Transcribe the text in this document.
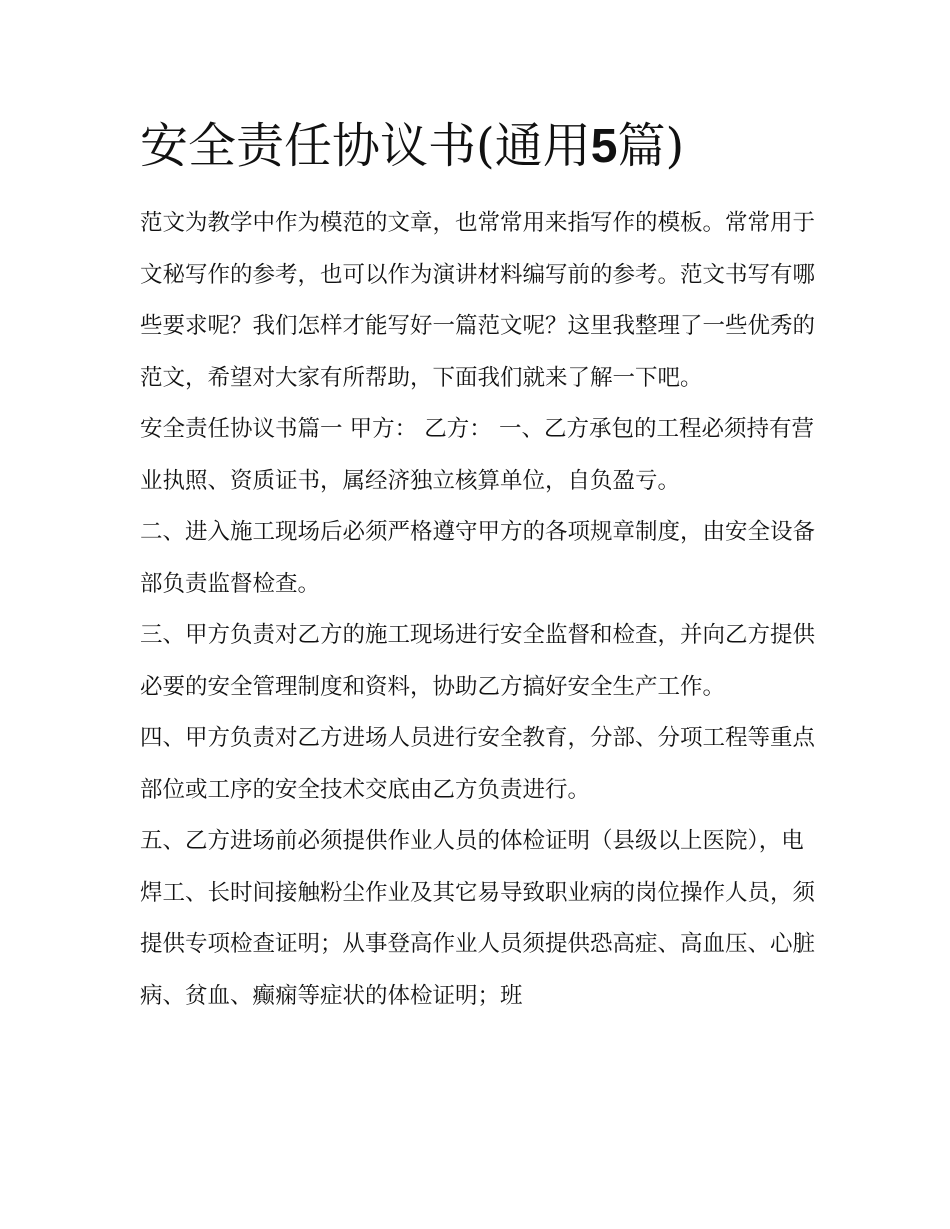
安全责任协议书(通用5篇)

范文为教学中作为模范的文章，也常常用来指写作的模板。常常用于文秘写作的参考，也可以作为演讲材料编写前的参考。范文书写有哪些要求呢？我们怎样才能写好一篇范文呢？这里我整理了一些优秀的范文，希望对大家有所帮助，下面我们就来了解一下吧。

安全责任协议书篇一 甲方： 乙方： 一、乙方承包的工程必须持有营业执照、资质证书，属经济独立核算单位，自负盈亏。

二、进入施工现场后必须严格遵守甲方的各项规章制度，由安全设备部负责监督检查。

三、甲方负责对乙方的施工现场进行安全监督和检查，并向乙方提供必要的安全管理制度和资料，协助乙方搞好安全生产工作。

四、甲方负责对乙方进场人员进行安全教育，分部、分项工程等重点部位或工序的安全技术交底由乙方负责进行。

五、乙方进场前必须提供作业人员的体检证明（县级以上医院），电焊工、长时间接触粉尘作业及其它易导致职业病的岗位操作人员，须提供专项检查证明；从事登高作业人员须提供恐高症、高血压、心脏病、贫血、癫痫等症状的体检证明；班
